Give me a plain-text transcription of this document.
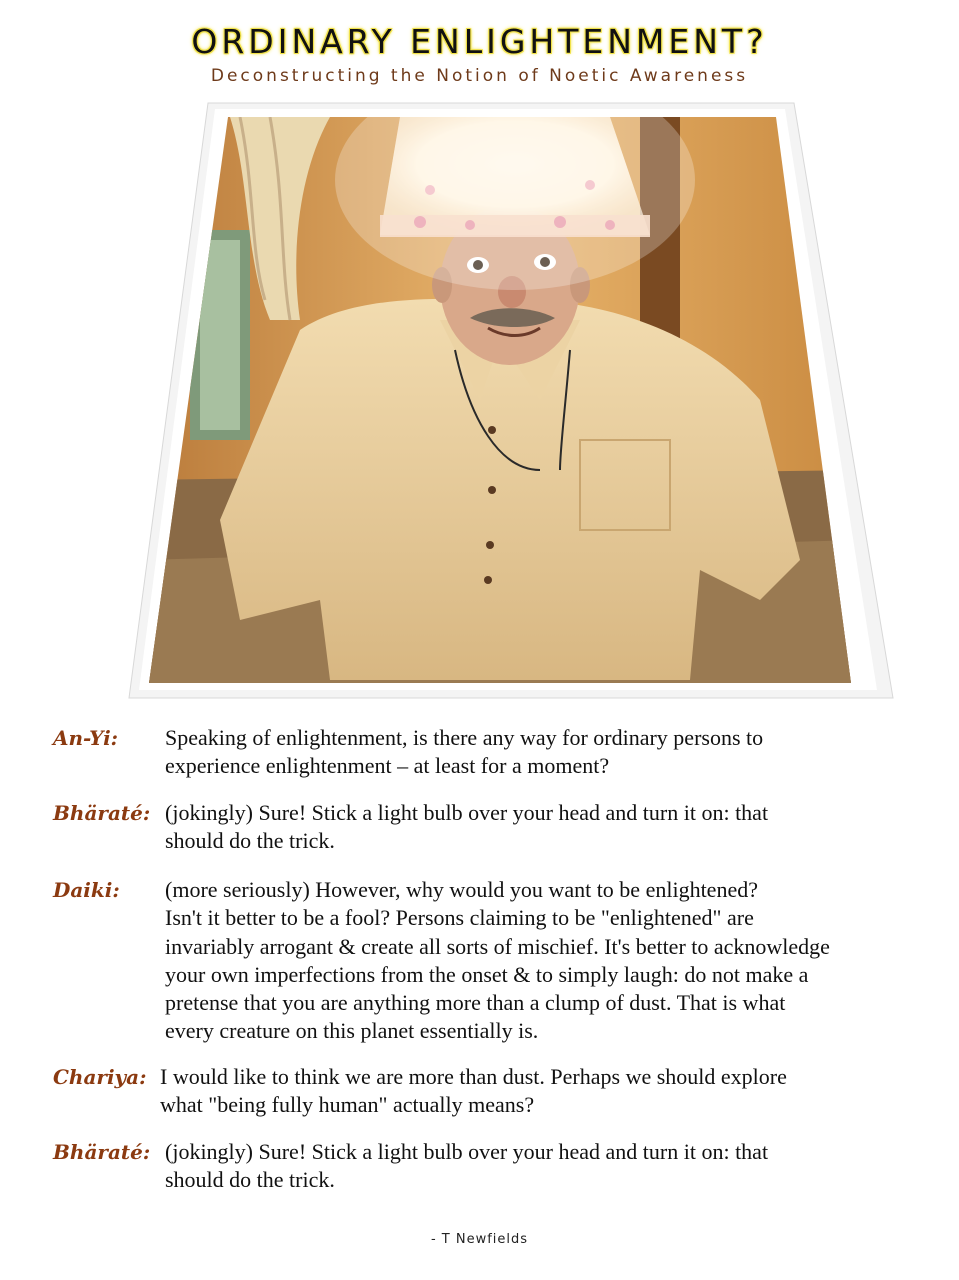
ORDINARY ENLIGHTENMENT?
Deconstructing the Notion of Noetic Awareness
An-Yi: Speaking of enlightenment, is there any way for ordinary persons to
experience enlightenment – at least for a moment?
Bhäraté: (jokingly) Sure! Stick a light bulb over your head and turn it on: that
should do the trick.
Daiki: (more seriously) However, why would you want to be enlightened?
Isn't it better to be a fool? Persons claiming to be "enlightened" are
invariably arrogant & create all sorts of mischief. It's better to acknowledge
your own imperfections from the onset & to simply laugh: do not make a
pretense that you are anything more than a clump of dust. That is what
every creature on this planet essentially is.
Chariya: I would like to think we are more than dust. Perhaps we should explore
what "being fully human" actually means?
Bhäraté: (jokingly) Sure! Stick a light bulb over your head and turn it on: that
should do the trick.
- T Newfields
